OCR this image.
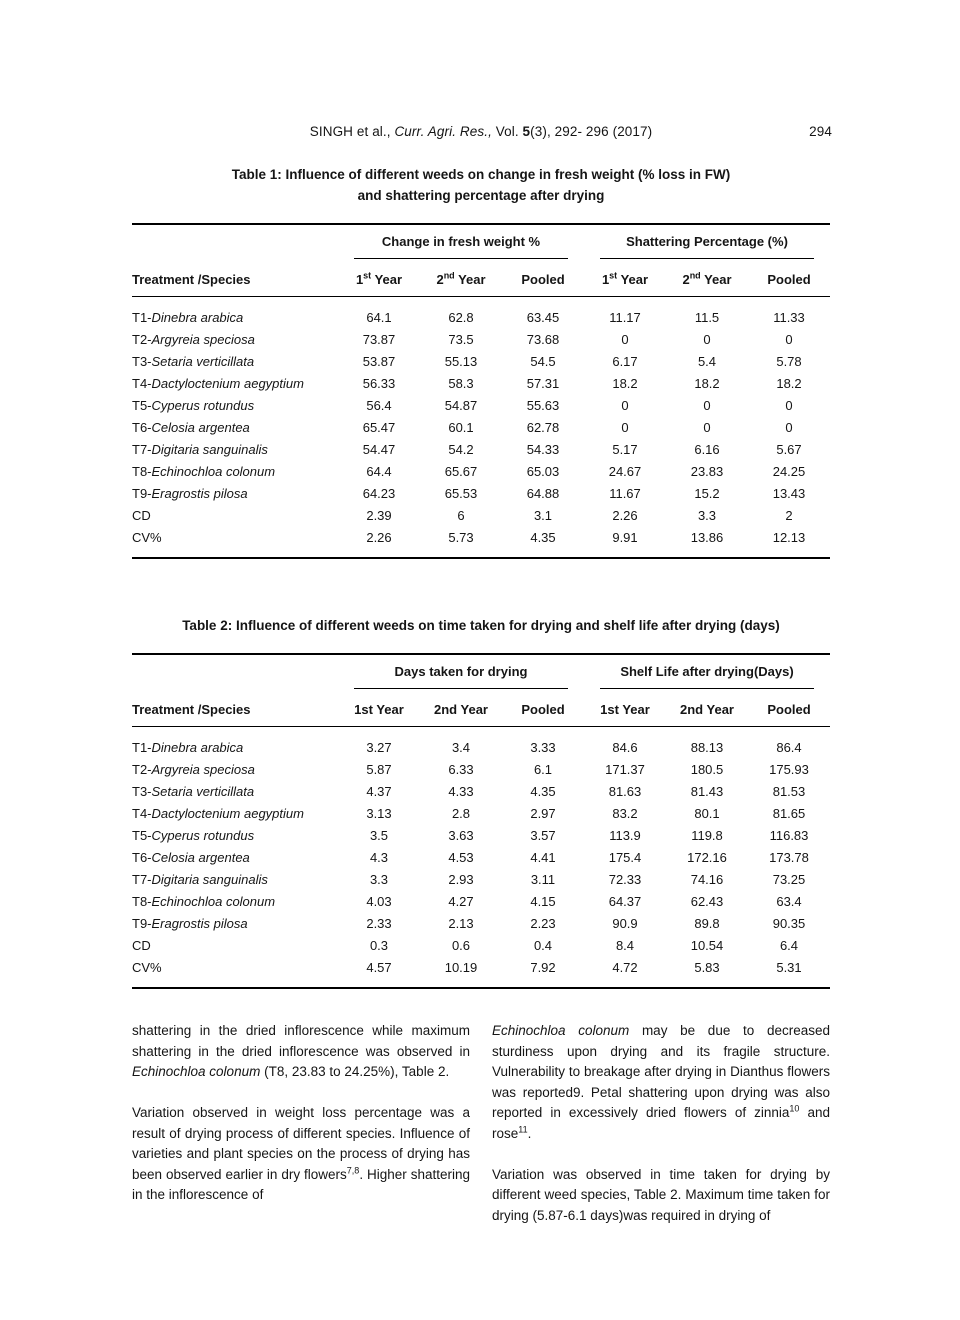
SINGH et al., Curr. Agri. Res., Vol. 5(3), 292- 296 (2017)	294
Table 1: Influence of different weeds on change in fresh weight (% loss in FW)
and shattering percentage after drying

	Change in fresh weight %			Shattering Percentage (%)		

Treatment /Species	1st Year	2nd Year	Pooled	1st Year	2nd Year	Pooled
T1-Dinebra arabica	64.1	62.8	63.45	11.17	11.5	11.33
T2-Argyreia speciosa	73.87	73.5	73.68	0	0	0
T3-Setaria verticillata	53.87	55.13	54.5	6.17	5.4	5.78
T4-Dactyloctenium aegyptium	56.33	58.3	57.31	18.2	18.2	18.2
T5-Cyperus rotundus	56.4	54.87	55.63	0	0	0
T6-Celosia argentea	65.47	60.1	62.78	0	0	0
T7-Digitaria sanguinalis	54.47	54.2	54.33	5.17	6.16	5.67
T8-Echinochloa colonum	64.4	65.67	65.03	24.67	23.83	24.25
T9-Eragrostis pilosa	64.23	65.53	64.88	11.67	15.2	13.43
CD	2.39	6	3.1	2.26	3.3	2
CV%	2.26	5.73	4.35	9.91	13.86	12.13
Table 2: Influence of different weeds on time taken for drying and shelf life after drying (days)

	Days taken for drying			Shelf Life after drying(Days)		

Treatment /Species	1st Year	2nd Year	Pooled	1st Year	2nd Year	Pooled
T1-Dinebra arabica	3.27	3.4	3.33	84.6	88.13	86.4
T2-Argyreia speciosa	5.87	6.33	6.1	171.37	180.5	175.93
T3-Setaria verticillata	4.37	4.33	4.35	81.63	81.43	81.53
T4-Dactyloctenium aegyptium	3.13	2.8	2.97	83.2	80.1	81.65
T5-Cyperus rotundus	3.5	3.63	3.57	113.9	119.8	116.83
T6-Celosia argentea	4.3	4.53	4.41	175.4	172.16	173.78
T7-Digitaria sanguinalis	3.3	2.93	3.11	72.33	74.16	73.25
T8-Echinochloa colonum	4.03	4.27	4.15	64.37	62.43	63.4
T9-Eragrostis pilosa	2.33	2.13	2.23	90.9	89.8	90.35
CD	0.3	0.6	0.4	8.4	10.54	6.4
CV%	4.57	10.19	7.92	4.72	5.83	5.31

shattering in the dried inflorescence while maximum shattering in the dried inflorescence was observed in Echinochloa colonum (T8, 23.83 to 24.25%), Table 2.

Variation observed in weight loss percentage was a result of drying process of different species. Influence of varieties and plant species on the process of drying has been observed earlier in dry flowers$^{7,8}$. Higher shattering in the inflorescence of

Echinochloa colonum may be due to decreased sturdiness upon drying and its fragile structure. Vulnerability to breakage after drying in Dianthus flowers was reported9. Petal shattering upon drying was also reported in excessively dried flowers of zinnia$^{10}$ and rose$^{11}$.

Variation was observed in time taken for drying by different weed species, Table 2. Maximum time taken for drying (5.87-6.1 days)was required in drying of
